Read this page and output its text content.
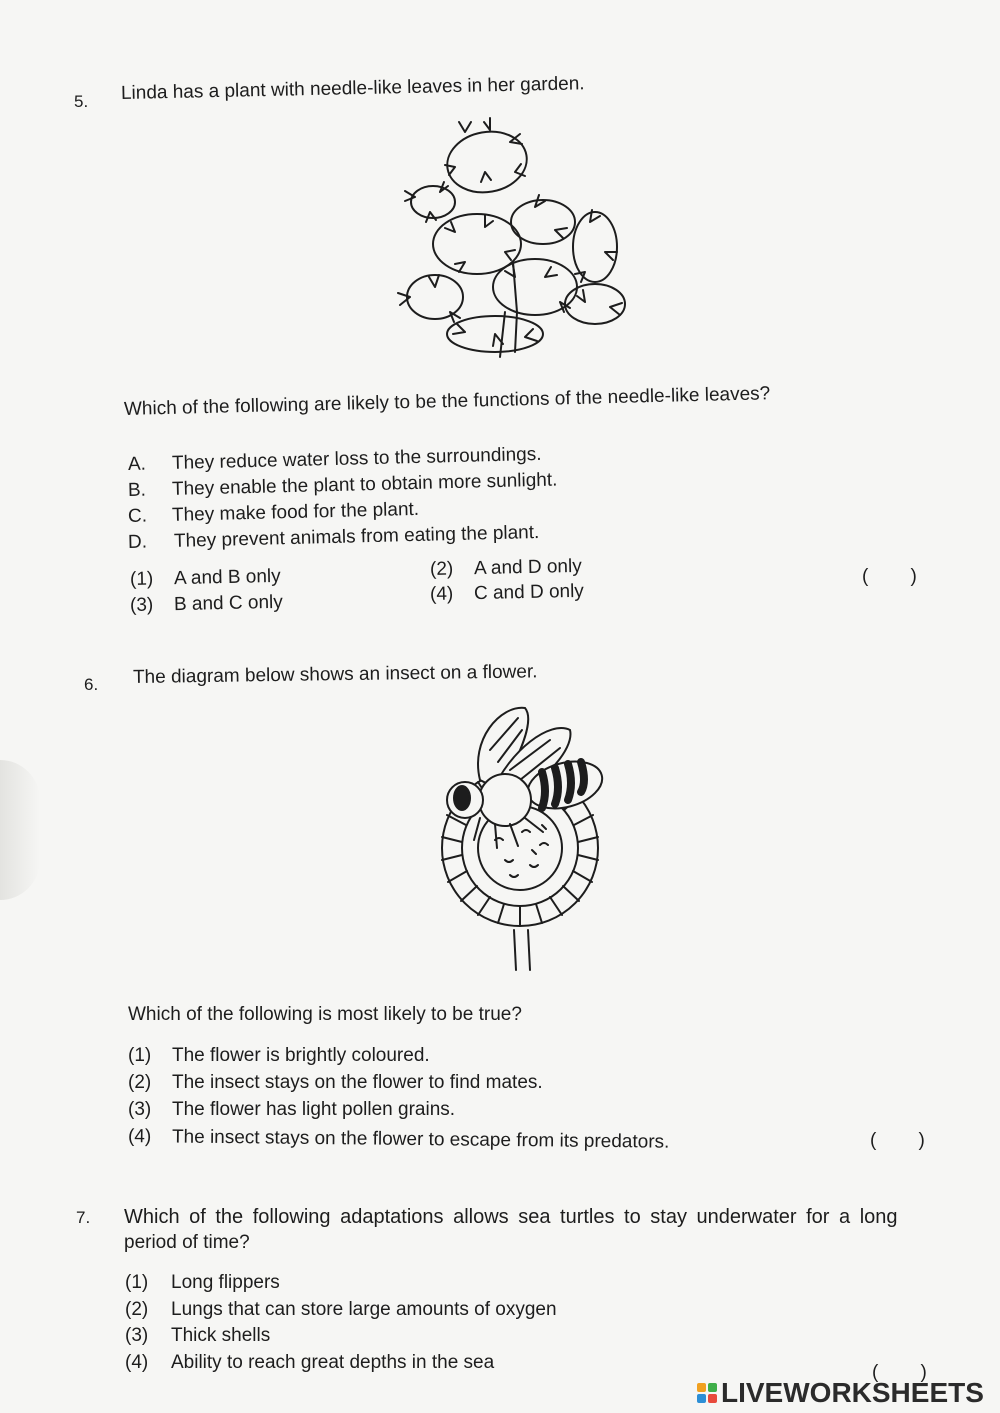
5. Linda has a plant with needle-like leaves in her garden.
Which of the following are likely to be the functions of the needle-like leaves?
A. They reduce water loss to the surroundings.
B. They enable the plant to obtain more sunlight.
C. They make food for the plant.
D. They prevent animals from eating the plant.
(1) A and B only
(3) B and C only
(2) A and D only
(4) C and D only
(        )
6. The diagram below shows an insect on a flower.
Which of the following is most likely to be true?
(1) The flower is brightly coloured.
(2) The insect stays on the flower to find mates.
(3) The flower has light pollen grains.
(4) The insect stays on the flower to escape from its predators.	(        )
7. Which of the following adaptations allows sea turtles to stay underwater for a long
period of time?
(1) Long flippers
(2) Lungs that can store large amounts of oxygen
(3) Thick shells
(4) Ability to reach great depths in the sea	(        )
LIVEWORKSHEETS
